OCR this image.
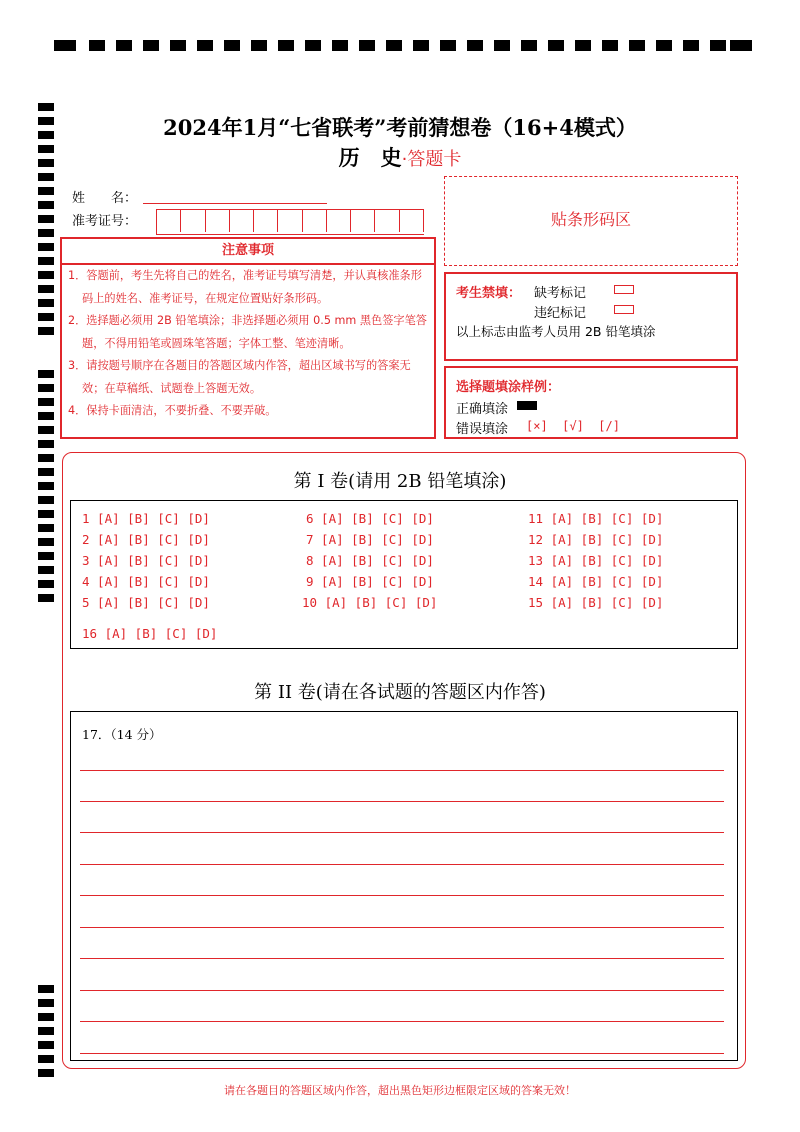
2024年1月“七省联考”考前猜想卷（16+4模式）
历　史·答题卡
姓　　名：
准考证号：	贴条形码区
注意事项
1．答题前，考生先将自己的姓名，准考证号填写清楚，并认真核准条形码上的姓名、准考证号，在规定位置贴好条形码。
2．选择题必须用 2B 铅笔填涂；非选择题必须用 0.5 mm 黑色签字笔答题，不得用铅笔或圆珠笔答题；字体工整、笔迹清晰。
3．请按题号顺序在各题目的答题区域内作答，超出区域书写的答案无效；在草稿纸、试题卷上答题无效。
4．保持卡面清洁，不要折叠、不要弄破。
考生禁填： 缺考标记
违纪标记
以上标志由监考人员用 2B 铅笔填涂
选择题填涂样例：
正确填涂
错误填涂 [×]  [√]  [/]
第 I 卷(请用 2B 铅笔填涂)
1 [A] [B] [C] [D]
2 [A] [B] [C] [D]
3 [A] [B] [C] [D]
4 [A] [B] [C] [D]
5 [A] [B] [C] [D]
6 [A] [B] [C] [D]
7 [A] [B] [C] [D]
8 [A] [B] [C] [D]
9 [A] [B] [C] [D]
10 [A] [B] [C] [D]
11 [A] [B] [C] [D]
12 [A] [B] [C] [D]
13 [A] [B] [C] [D]
14 [A] [B] [C] [D]
15 [A] [B] [C] [D]
16 [A] [B] [C] [D]
第 II 卷(请在各试题的答题区内作答)
17．（14 分）
请在各题目的答题区域内作答，超出黑色矩形边框限定区域的答案无效！
